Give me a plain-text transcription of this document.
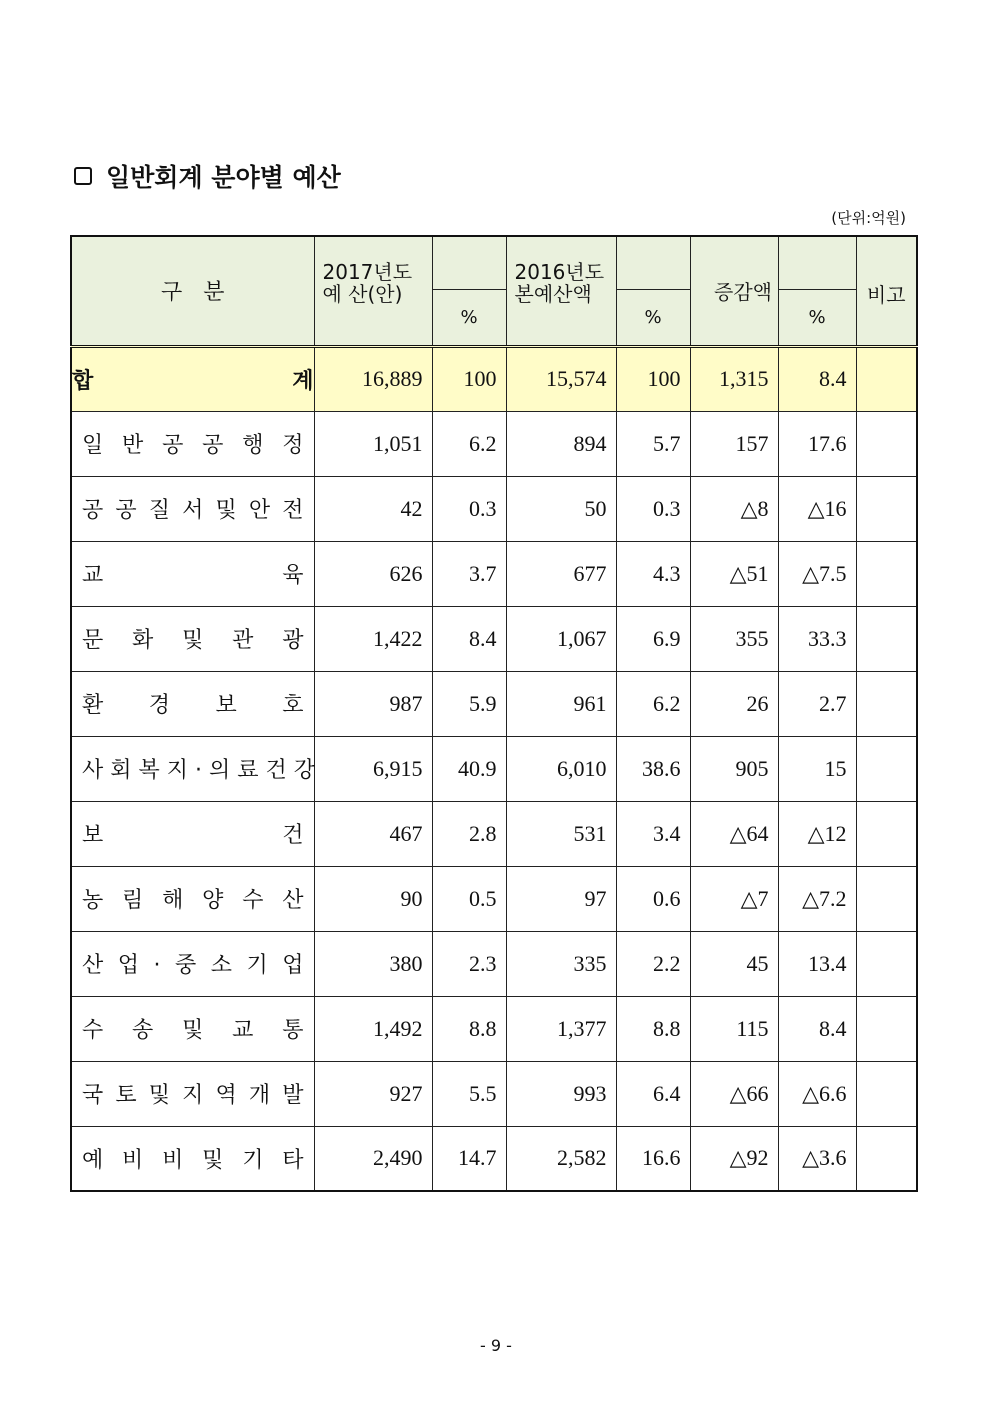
일반회계 분야별 예산
(단위:억원)
구   분	2017년도 예 산(안)		2016년도 본예산액		증감액		비고
		%		%		%	
합 계	16,889	100	15,574	100	1,315	8.4	
일 반 공 공 행 정	1,051	6.2	894	5.7	157	17.6	
공 공 질 서 및 안 전	42	0.3	50	0.3	△8	△16	
교 육	626	3.7	677	4.3	△51	△7.5	
문 화 및 관 광	1,422	8.4	1,067	6.9	355	33.3	
환 경 보 호	987	5.9	961	6.2	26	2.7	
사 회 복 지 · 의 료 건 강	6,915	40.9	6,010	38.6	905	15	
보 건	467	2.8	531	3.4	△64	△12	
농 림 해 양 수 산	90	0.5	97	0.6	△7	△7.2	
산 업 · 중 소 기 업	380	2.3	335	2.2	45	13.4	
수 송 및 교 통	1,492	8.8	1,377	8.8	115	8.4	
국 토 및 지 역 개 발	927	5.5	993	6.4	△66	△6.6	
예 비 비 및 기 타	2,490	14.7	2,582	16.6	△92	△3.6	
- 9 -
